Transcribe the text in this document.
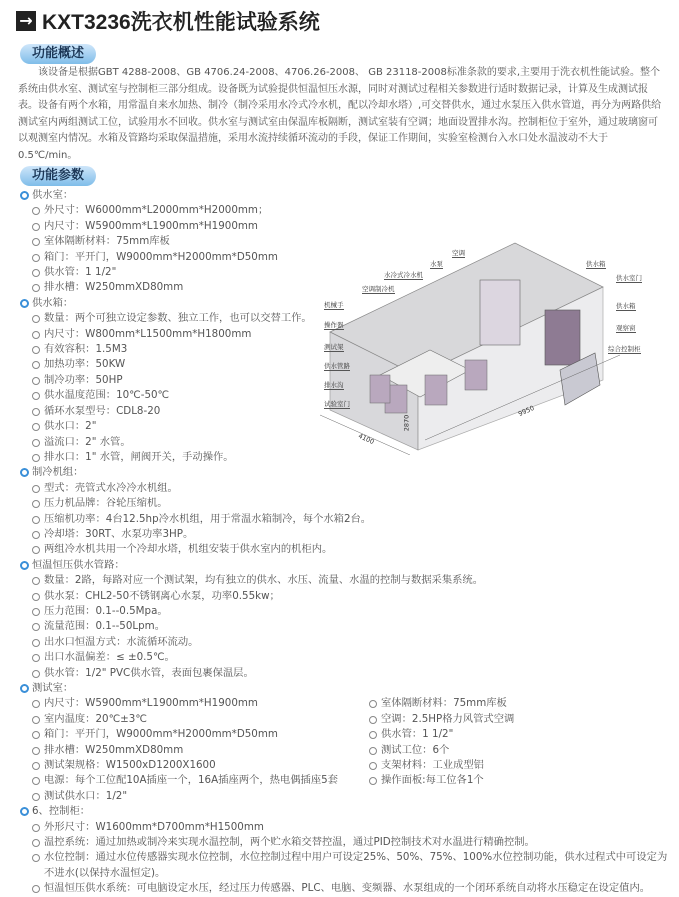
→ KXT3236洗衣机性能试验系统
功能概述
该设备是根据GBT 4288-2008、GB 4706.24-2008、4706.26-2008、 GB 23118-2008标准条款的要求,主要用于洗衣机性能试验。整个系统由供水室、测试室与控制柜三部分组成。设备既为试验提供恒温恒压水源，同时对测试过程相关参数进行适时数据记录，计算及生成测试报表。设备有两个水箱，用常温自来水加热、制冷（制冷采用水冷式冷水机，配以冷却水塔）,可交替供水，通过水泵压入供水管道，再分为两路供给测试室内两组测试工位，试验用水不回收。供水室与测试室由保温库板隔断，测试室装有空调；地面设置排水沟。控制柜位于室外，通过玻璃窗可以观测室内情况。水箱及管路均采取保温措施，采用水流持续循环流动的手段，保证工作期间，实验室检测台入水口处水温波动不大于0.5℃/min。
功能参数
供水室：
外尺寸：W6000mm*L2000mm*H2000mm；
内尺寸：W5900mm*L1900mm*H1900mm
室体隔断材料：75mm库板
箱门：平开门，W9000mm*H2000mm*D50mm
供水管：1 1/2"
排水槽：W250mmXD80mm
供水箱：
数量：两个可独立设定参数、独立工作，也可以交替工作。
内尺寸：W800mm*L1500mm*H1800mm
有效容积：1.5M3
加热功率：50KW
制冷功率：50HP
供水温度范围：10℃-50℃
循环水泵型号：CDL8-20
供水口：2"
溢流口：2" 水管。
排水口：1" 水管，闸阀开关，手动操作。
制冷机组：
型式：壳管式水冷冷水机组。
压力机品牌：谷轮压缩机。
压缩机功率：4台12.5hp冷水机组，用于常温水箱制冷，每个水箱2台。
冷却塔：30RT、水泵功率3HP。
两组冷水机共用一个冷却水塔，机组安装于供水室内的机柜内。
恒温恒压供水管路：
数量：2路，每路对应一个测试架，均有独立的供水、水压、流量、水温的控制与数据采集系统。
供水泵：CHL2-50不锈钢离心水泵，功率0.55kw；
压力范围：0.1--0.5Mpa。
流量范围：0.1--50Lpm。
出水口恒温方式：水流循环流动。
出口水温偏差：≤ ±0.5℃。
供水管：1/2" PVC供水管，表面包裹保温层。
测试室：
内尺寸：W5900mm*L1900mm*H1900mm	室体隔断材料：75mm库板
室内温度：20℃±3℃	空调：2.5HP格力风管式空调
箱门：平开门，W9000mm*H2000mm*D50mm	供水管：1 1/2"
排水槽：W250mmXD80mm	测试工位：6个
测试架规格：W1500xD1200X1600	支架材料：工业成型铝
电源：每个工位配10A插座一个，16A插座两个，热电偶插座5套	操作面板:每工位各1个
测试供水口：1/2"
6、控制柜：
外形尺寸：W1600mm*D700mm*H1500mm
温控系统：通过加热或制冷来实现水温控制，两个贮水箱交替控温，通过PID控制技术对水温进行精确控制。
水位控制：通过水位传感器实现水位控制，水位控制过程中用户可设定25%、50%、75%、100%水位控制功能，供水过程式中可设定为不进水(以保持水温恒定)。
恒温恒压供水系统：可电脑设定水压，经过压力传感器、PLC、电脑、变频器、水泵组成的一个闭环系统自动将水压稳定在设定值内。
机械手
操作器
测试架
供水管路
排水沟
试验室门
空调制冷机
水冷式冷水机
水泵
空调
供水箱
供水室门
供水箱
观察窗
综合控制柜
9950
4100
2870
